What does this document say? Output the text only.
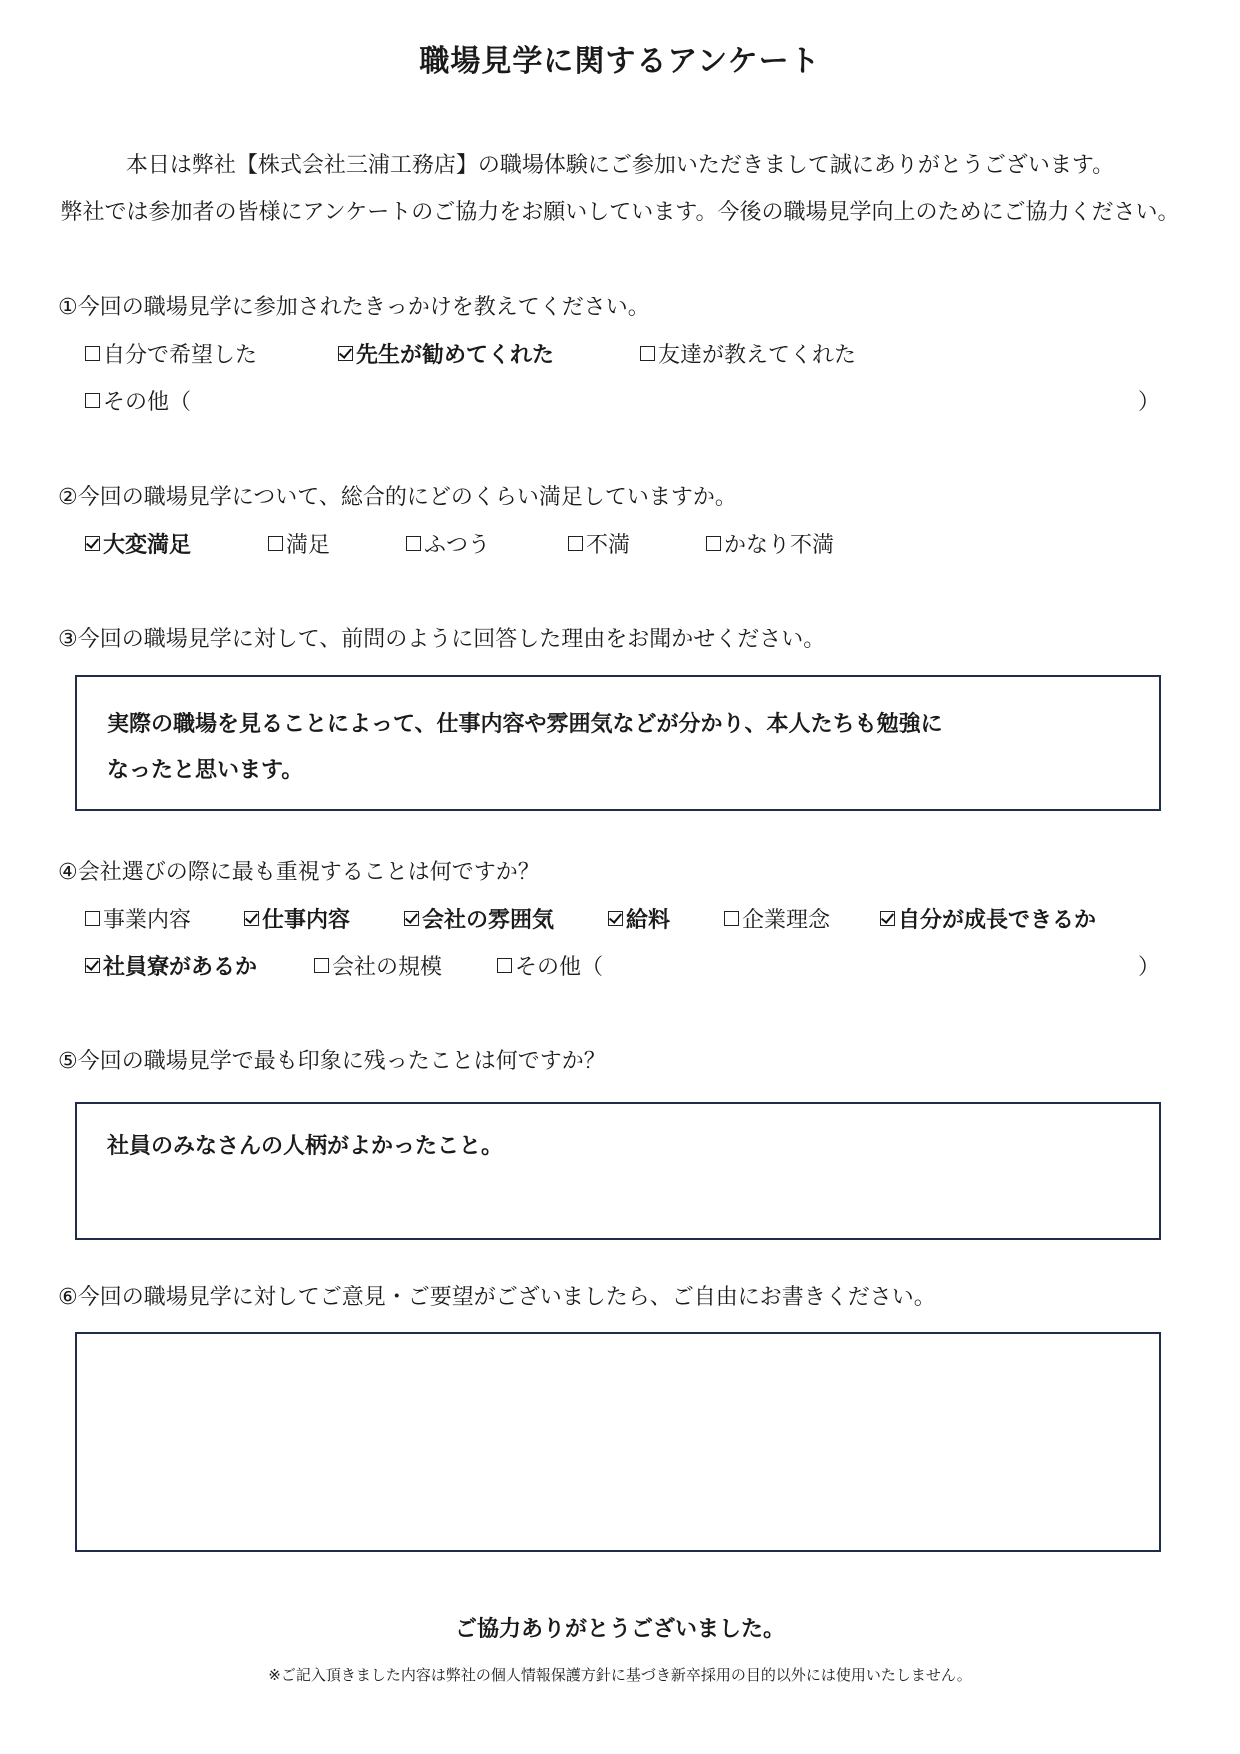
職場見学に関するアンケート
本日は弊社【株式会社三浦工務店】の職場体験にご参加いただきまして誠にありがとうございます。
弊社では参加者の皆様にアンケートのご協力をお願いしています。今後の職場見学向上のためにご協力ください。
①今回の職場見学に参加されたきっかけを教えてください。
自分で希望した	先生が勧めてくれた	友達が教えてくれた
その他（	）
②今回の職場見学について、総合的にどのくらい満足していますか。
大変満足	満足	ふつう	不満	かなり不満
③今回の職場見学に対して、前問のように回答した理由をお聞かせください。
実際の職場を見ることによって、仕事内容や雰囲気などが分かり、本人たちも勉強に
なったと思います。
④会社選びの際に最も重視することは何ですか？
事業内容	仕事内容	会社の雰囲気	給料	企業理念	自分が成長できるか
社員寮があるか	会社の規模	その他（	）
⑤今回の職場見学で最も印象に残ったことは何ですか？
社員のみなさんの人柄がよかったこと。
⑥今回の職場見学に対してご意見・ご要望がございましたら、ご自由にお書きください。
ご協力ありがとうございました。
※ご記入頂きました内容は弊社の個人情報保護方針に基づき新卒採用の目的以外には使用いたしません。
